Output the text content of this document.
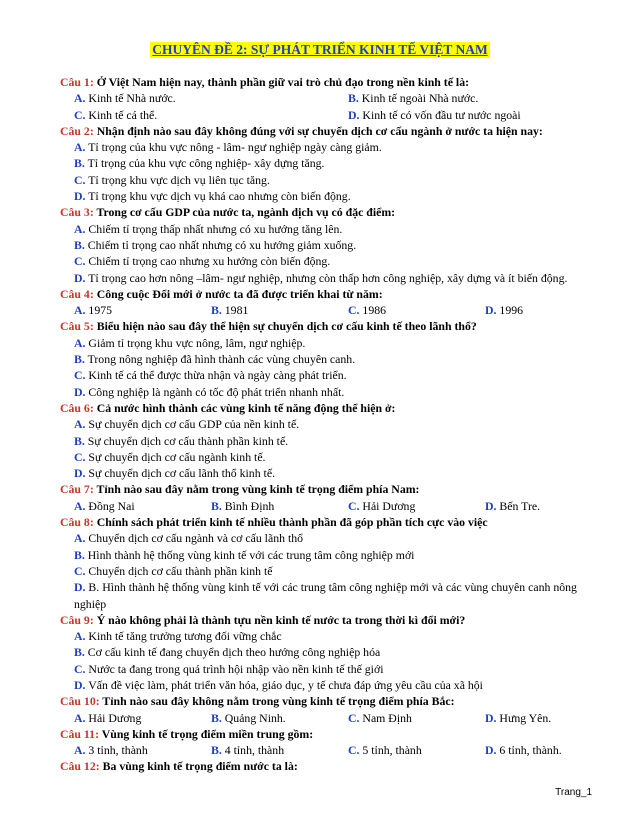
CHUYÊN ĐỀ 2: SỰ PHÁT TRIỂN KINH TẾ VIỆT NAM
Câu 1: Ở Việt Nam hiện nay, thành phần giữ vai trò chủ đạo trong nền kinh tế là:
A. Kinh tế Nhà nước.	B. Kinh tế ngoài Nhà nước.
C. Kinh tế cá thể.	D. Kinh tế có vốn đầu tư nước ngoài
Câu 2: Nhận định nào sau đây không đúng với sự chuyển dịch cơ cấu ngành ở nước ta hiện nay:
A. Tỉ trọng của khu vực nông - lâm- ngư nghiệp ngày càng giảm.
B. Tỉ trọng của khu vực công nghiệp- xây dựng tăng.
C. Tỉ trọng khu vực dịch vụ liên tục tăng.
D. Tỉ trọng khu vực dịch vụ khá cao nhưng còn biến động.
Câu 3: Trong cơ cấu GDP của nước ta, ngành dịch vụ có đặc điểm:
A. Chiếm tỉ trọng thấp nhất nhưng có xu hướng tăng lên.
B. Chiếm tỉ trọng cao nhất nhưng có xu hướng giảm xuống.
C. Chiếm tỉ trọng cao nhưng xu hướng còn biến động.
D. Tỉ trọng cao hơn nông –lâm- ngư nghiệp, nhưng còn thấp hơn công nghiệp, xây dựng và ít biến động.
Câu 4: Công cuộc Đổi mới ở nước ta đã được triển khai từ năm:
A. 1975	B. 1981	C. 1986	D. 1996
Câu 5: Biểu hiện nào sau đây thể hiện sự chuyển dịch cơ cấu kinh tế theo lãnh thổ?
A. Giảm tỉ trọng khu vực nông, lâm, ngư nghiệp.
B. Trong nông nghiệp đã hình thành các vùng chuyên canh.
C. Kinh tế cá thể được thừa nhận và ngày càng phát triển.
D. Công nghiệp là ngành có tốc độ phát triển nhanh nhất.
Câu 6: Cả nước hình thành các vùng kinh tế năng động thể hiện ở:
A. Sự chuyển dịch cơ cấu GDP của nền kinh tế.
B. Sự chuyển dịch cơ cấu thành phần kinh tế.
C. Sự chuyển dịch cơ cấu ngành kinh tế.
D. Sự chuyển dịch cơ cấu lãnh thổ kinh tế.
Câu 7: Tỉnh nào sau đây nằm trong vùng kinh tế trọng điểm phía Nam:
A. Đồng Nai	B. Bình Định	C. Hải Dương	D. Bến Tre.
Câu 8: Chính sách phát triển kinh tế nhiều thành phần đã góp phần tích cực vào việc
A. Chuyển dịch cơ cấu ngành và cơ cấu lãnh thổ
B. Hình thành hệ thống vùng kinh tế với các trung tâm công nghiệp mới
C. Chuyển dịch cơ cấu thành phần kinh tế
D. B. Hình thành hệ thống vùng kinh tế với các trung tâm công nghiệp mới và các vùng chuyên canh nông nghiệp
Câu 9: Ý nào không phải là thành tựu nền kinh tế nước ta trong thời kì đổi mới?
A. Kinh tế tăng trưởng tương đối vững chắc
B. Cơ cấu kinh tế đang chuyển dịch theo hướng công nghiệp hóa
C. Nước ta đang trong quá trình hội nhập vào nền kinh tế thế giới
D. Vấn đề việc làm, phát triển văn hóa, giáo dục, y tế chưa đáp ứng yêu cầu của xã hội
Câu 10: Tỉnh nào sau đây không nằm trong vùng kinh tế trọng điểm phía Bắc:
A. Hải Dương	B. Quảng Ninh.	C. Nam Định	D. Hưng Yên.
Câu 11: Vùng kinh tế trọng điểm miền trung gồm:
A. 3 tỉnh, thành	B. 4 tỉnh, thành	C. 5 tỉnh, thành	D. 6 tỉnh, thành.
Câu 12: Ba vùng kinh tế trọng điểm nước ta là:
Trang_1
